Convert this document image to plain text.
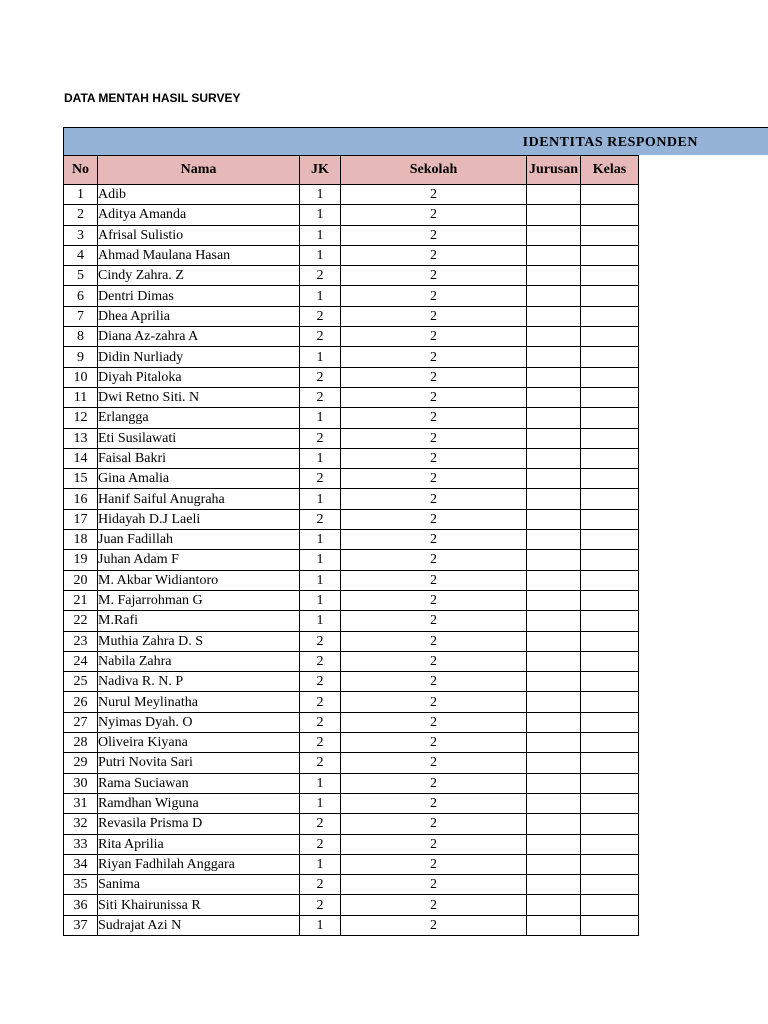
DATA MENTAH HASIL SURVEY
IDENTITAS RESPONDEN
No	Nama	JK	Sekolah	Jurusan	Kelas
1	Adib	1	2		
2	Aditya Amanda	1	2		
3	Afrisal Sulistio	1	2		
4	Ahmad Maulana Hasan	1	2		
5	Cindy Zahra. Z	2	2		
6	Dentri Dimas	1	2		
7	Dhea Aprilia	2	2		
8	Diana Az-zahra A	2	2		
9	Didin Nurliady	1	2		
10	Diyah Pitaloka	2	2		
11	Dwi Retno Siti. N	2	2		
12	Erlangga	1	2		
13	Eti Susilawati	2	2		
14	Faisal Bakri	1	2		
15	Gina Amalia	2	2		
16	Hanif Saiful Anugraha	1	2		
17	Hidayah D.J Laeli	2	2		
18	Juan Fadillah	1	2		
19	Juhan Adam F	1	2		
20	M. Akbar Widiantoro	1	2		
21	M. Fajarrohman G	1	2		
22	M.Rafi	1	2		
23	Muthia Zahra D. S	2	2		
24	Nabila Zahra	2	2		
25	Nadiva R. N. P	2	2		
26	Nurul Meylinatha	2	2		
27	Nyimas Dyah. O	2	2		
28	Oliveira Kiyana	2	2		
29	Putri Novita Sari	2	2		
30	Rama Suciawan	1	2		
31	Ramdhan Wiguna	1	2		
32	Revasila Prisma D	2	2		
33	Rita Aprilia	2	2		
34	Riyan Fadhilah Anggara	1	2		
35	Sanima	2	2		
36	Siti Khairunissa R	2	2		
37	Sudrajat Azi N	1	2		
